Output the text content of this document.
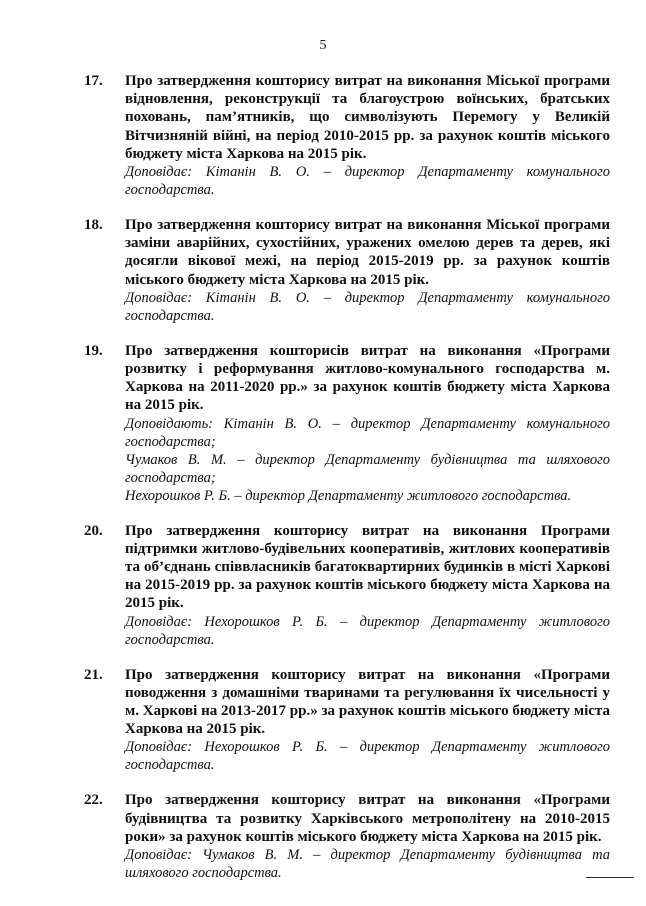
5
17. Про затвердження кошторису витрат на виконання Міської програми відновлення, реконструкції та благоустрою воїнських, братських поховань, пам’ятників, що символізують Перемогу у Великій Вітчизняній війні, на період 2010-2015 рр. за рахунок коштів міського бюджету міста Харкова на 2015 рік.

Доповідає: Кітанін В. О. – директор Департаменту комунального господарства.

18. Про затвердження кошторису витрат на виконання Міської програми заміни аварійних, сухостійних, уражених омелою дерев та дерев, які досягли вікової межі, на період 2015-2019 рр. за рахунок коштів міського бюджету міста Харкова на 2015 рік.

Доповідає: Кітанін В. О. – директор Департаменту комунального господарства.

19. Про затвердження кошторисів витрат на виконання «Програми розвитку і реформування житлово-комунального господарства м. Харкова на 2011-2020 рр.» за рахунок коштів бюджету міста Харкова на 2015 рік.

Доповідають: Кітанін В. О. – директор Департаменту комунального господарства;

Чумаков В. М. – директор Департаменту будівництва та шляхового господарства;

Нехорошков Р. Б. – директор Департаменту житлового господарства.

20. Про затвердження кошторису витрат на виконання Програми підтримки житлово-будівельних кооперативів, житлових кооперативів та об’єднань співвласників багатоквартирних будинків в місті Харкові на 2015-2019 рр. за рахунок коштів міського бюджету міста Харкова на 2015 рік.

Доповідає: Нехорошков Р. Б. – директор Департаменту житлового господарства.

21. Про затвердження кошторису витрат на виконання «Програми поводження з домашніми тваринами та регулювання їх чисельності у м. Харкові на 2013-2017 рр.» за рахунок коштів міського бюджету міста Харкова на 2015 рік.

Доповідає: Нехорошков Р. Б. – директор Департаменту житлового господарства.

22. Про затвердження кошторису витрат на виконання «Програми будівництва та розвитку Харківського метрополітену на 2010-2015 роки» за рахунок коштів міського бюджету міста Харкова на 2015 рік.

Доповідає: Чумаков В. М. – директор Департаменту будівництва та шляхового господарства.
